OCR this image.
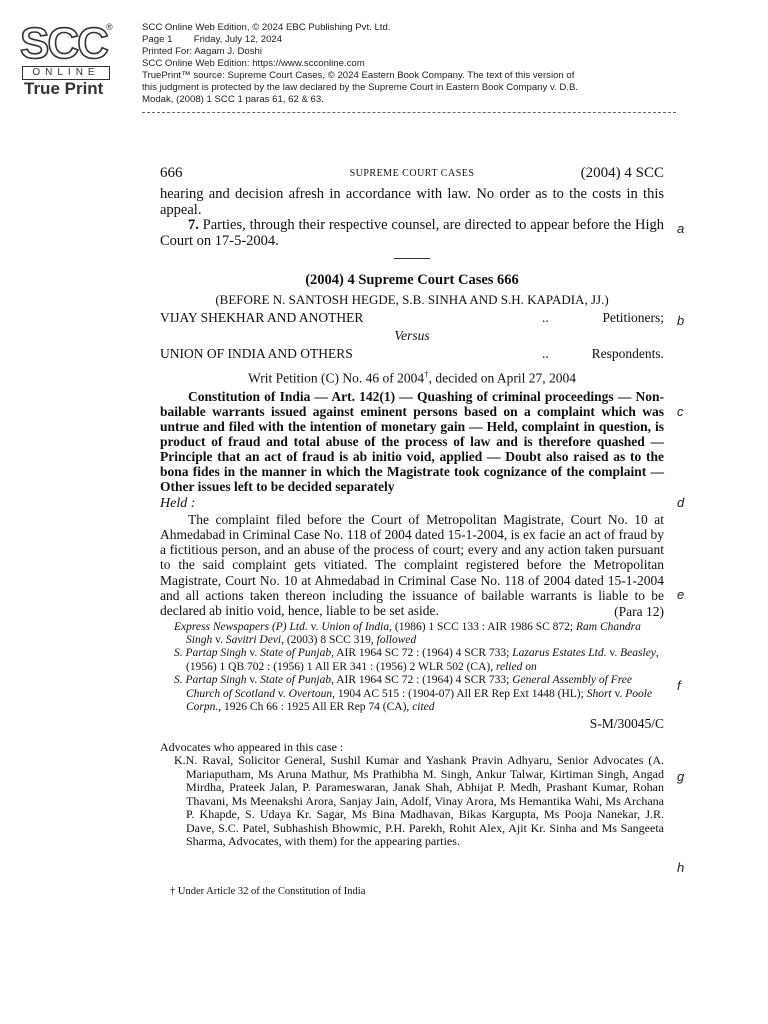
SCC ®
ONLINE
True Print
SCC Online Web Edition, © 2024 EBC Publishing Pvt. Ltd.
Page 1        Friday, July 12, 2024
Printed For: Aagam J. Doshi
SCC Online Web Edition: https://www.scconline.com
TruePrint™ source: Supreme Court Cases, © 2024 Eastern Book Company. The text of this version of
this judgment is protected by the law declared by the Supreme Court in Eastern Book Company v. D.B.
Modak, (2008) 1 SCC 1 paras 61, 62 & 63.
666	SUPREME COURT CASES	(2004) 4 SCC

hearing and decision afresh in accordance with law. No order as to the costs in this appeal.

7. Parties, through their respective counsel, are directed to appear before the High Court on 17-5-2004.

(2004) 4 Supreme Court Cases 666
(BEFORE N. SANTOSH HEGDE, S.B. SINHA AND S.H. KAPADIA, JJ.)
VIJAY SHEKHAR AND ANOTHER	..	Petitioners;
Versus
UNION OF INDIA AND OTHERS	..	Respondents.
Writ Petition (C) No. 46 of 2004†, decided on April 27, 2004

Constitution of India — Art. 142(1) — Quashing of criminal proceedings — Non-bailable warrants issued against eminent persons based on a complaint which was untrue and filed with the intention of monetary gain — Held, complaint in question, is product of fraud and total abuse of the process of law and is therefore quashed — Principle that an act of fraud is ab initio void, applied — Doubt also raised as to the bona fides in the manner in which the Magistrate took cognizance of the complaint — Other issues left to be decided separately

Held :

The complaint filed before the Court of Metropolitan Magistrate, Court No. 10 at Ahmedabad in Criminal Case No. 118 of 2004 dated 15-1-2004, is ex facie an act of fraud by a fictitious person, and an abuse of the process of court; every and any action taken pursuant to the said complaint gets vitiated. The complaint registered before the Metropolitan Magistrate, Court No. 10 at Ahmedabad in Criminal Case No. 118 of 2004 dated 15-1-2004 and all actions taken thereon including the issuance of bailable warrants is liable to be declared ab initio void, hence, liable to be set aside.	(Para 12)
Express Newspapers (P) Ltd. v. Union of India, (1986) 1 SCC 133 : AIR 1986 SC 872; Ram Chandra Singh v. Savitri Devi, (2003) 8 SCC 319, followed
S. Partap Singh v. State of Punjab, AIR 1964 SC 72 : (1964) 4 SCR 733; Lazarus Estates Ltd. v. Beasley, (1956) 1 QB 702 : (1956) 1 All ER 341 : (1956) 2 WLR 502 (CA), relied on
S. Partap Singh v. State of Punjab, AIR 1964 SC 72 : (1964) 4 SCR 733; General Assembly of Free Church of Scotland v. Overtoun, 1904 AC 515 : (1904-07) All ER Rep Ext 1448 (HL); Short v. Poole Corpn., 1926 Ch 66 : 1925 All ER Rep 74 (CA), cited
S-M/30045/C
Advocates who appeared in this case :

K.N. Raval, Solicitor General, Sushil Kumar and Yashank Pravin Adhyaru, Senior Advocates (A. Mariaputham, Ms Aruna Mathur, Ms Prathibha M. Singh, Ankur Talwar, Kirtiman Singh, Angad Mirdha, Prateek Jalan, P. Parameswaran, Janak Shah, Abhijat P. Medh, Prashant Kumar, Rohan Thavani, Ms Meenakshi Arora, Sanjay Jain, Adolf, Vinay Arora, Ms Hemantika Wahi, Ms Archana P. Khapde, S. Udaya Kr. Sagar, Ms Bina Madhavan, Bikas Kargupta, Ms Pooja Nanekar, J.R. Dave, S.C. Patel, Subhashish Bhowmic, P.H. Parekh, Rohit Alex, Ajit Kr. Sinha and Ms Sangeeta Sharma, Advocates, with them) for the appearing parties.

† Under Article 32 of the Constitution of India
a
b
c
d
e
f
g
h
